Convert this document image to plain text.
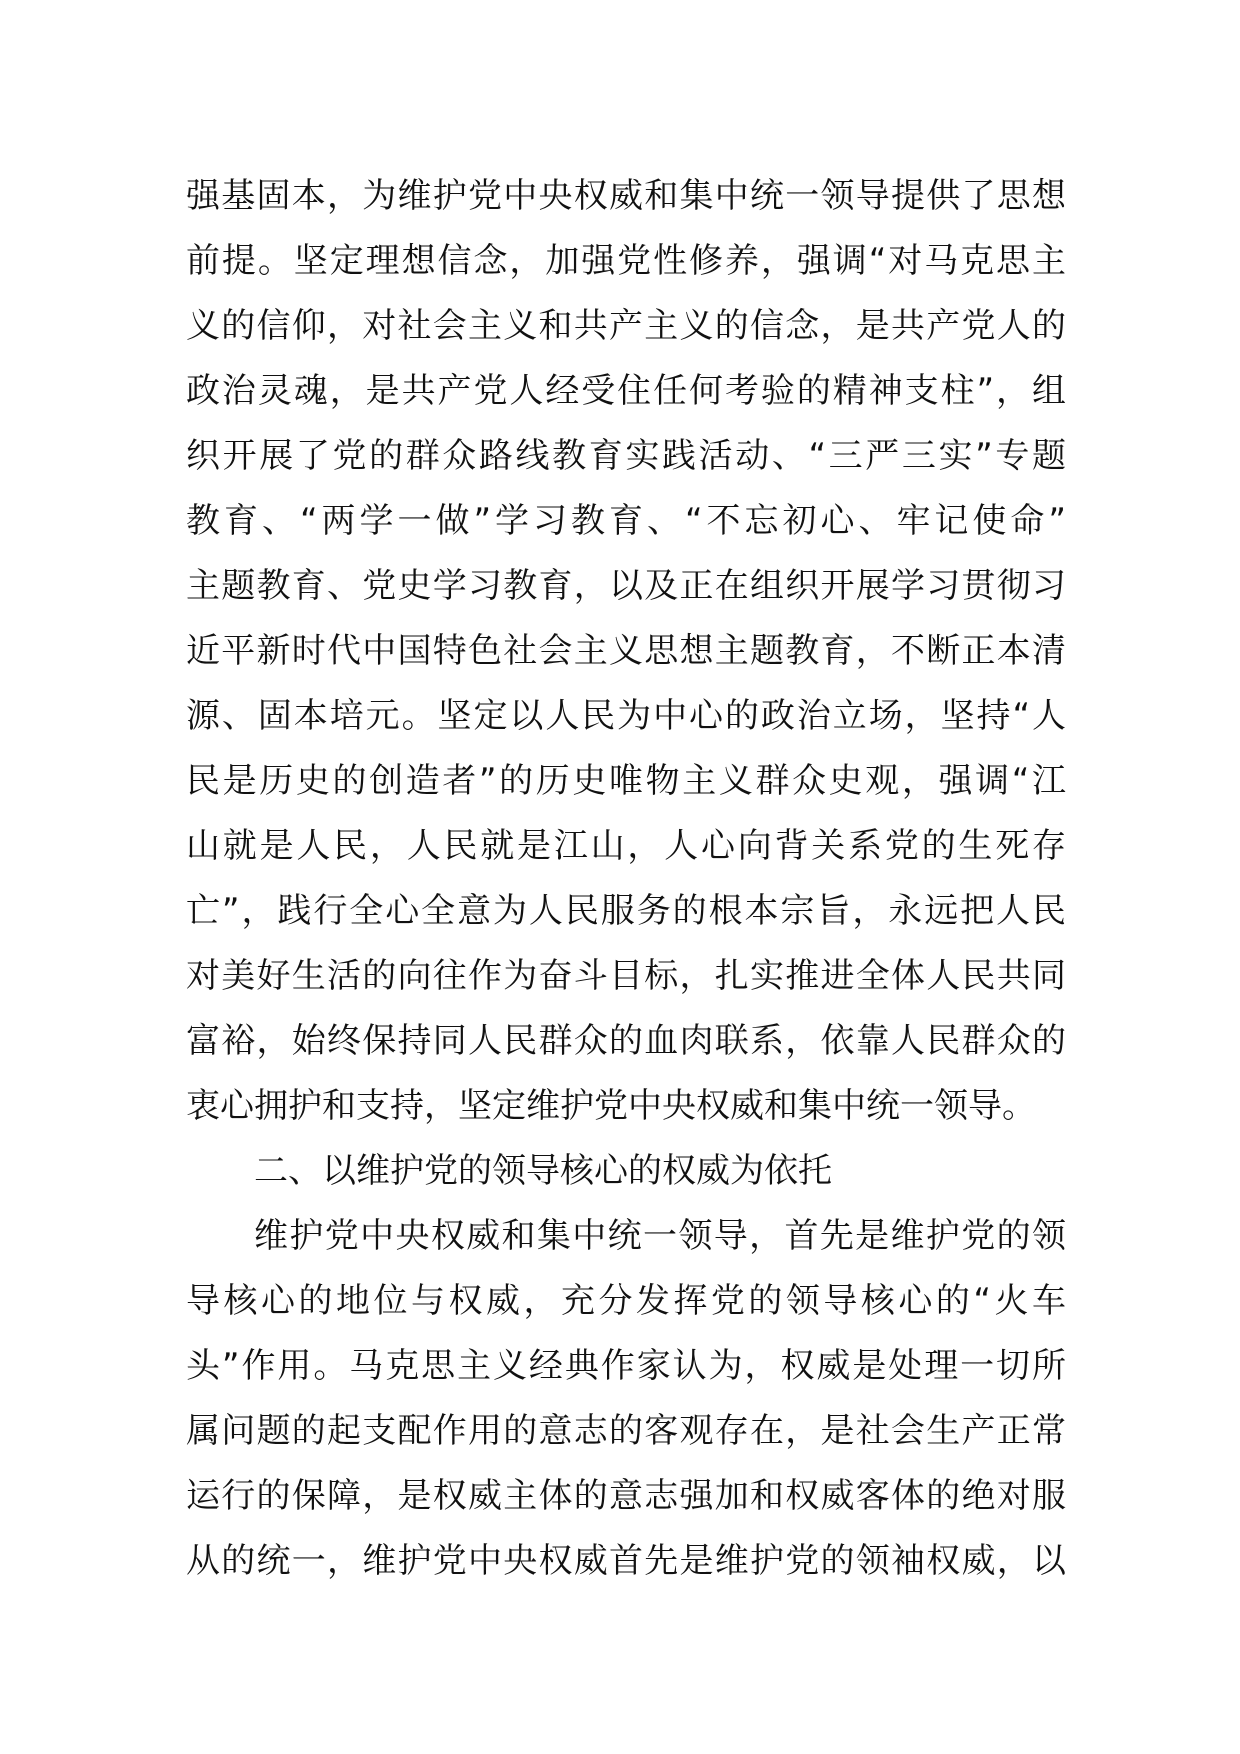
强基固本，为维护党中央权威和集中统一领导提供了思想
前提。坚定理想信念，加强党性修养，强调“对马克思主
义的信仰，对社会主义和共产主义的信念，是共产党人的
政治灵魂，是共产党人经受住任何考验的精神支柱”，组
织开展了党的群众路线教育实践活动、“三严三实”专题
教育、“两学一做”学习教育、“不忘初心、牢记使命”
主题教育、党史学习教育，以及正在组织开展学习贯彻习
近平新时代中国特色社会主义思想主题教育，不断正本清
源、固本培元。坚定以人民为中心的政治立场，坚持“人
民是历史的创造者”的历史唯物主义群众史观，强调“江
山就是人民，人民就是江山，人心向背关系党的生死存
亡”，践行全心全意为人民服务的根本宗旨，永远把人民
对美好生活的向往作为奋斗目标，扎实推进全体人民共同
富裕，始终保持同人民群众的血肉联系，依靠人民群众的
衷心拥护和支持，坚定维护党中央权威和集中统一领导。
二、以维护党的领导核心的权威为依托
维护党中央权威和集中统一领导，首先是维护党的领
导核心的地位与权威，充分发挥党的领导核心的“火车
头”作用。马克思主义经典作家认为，权威是处理一切所
属问题的起支配作用的意志的客观存在，是社会生产正常
运行的保障，是权威主体的意志强加和权威客体的绝对服
从的统一，维护党中央权威首先是维护党的领袖权威，以
